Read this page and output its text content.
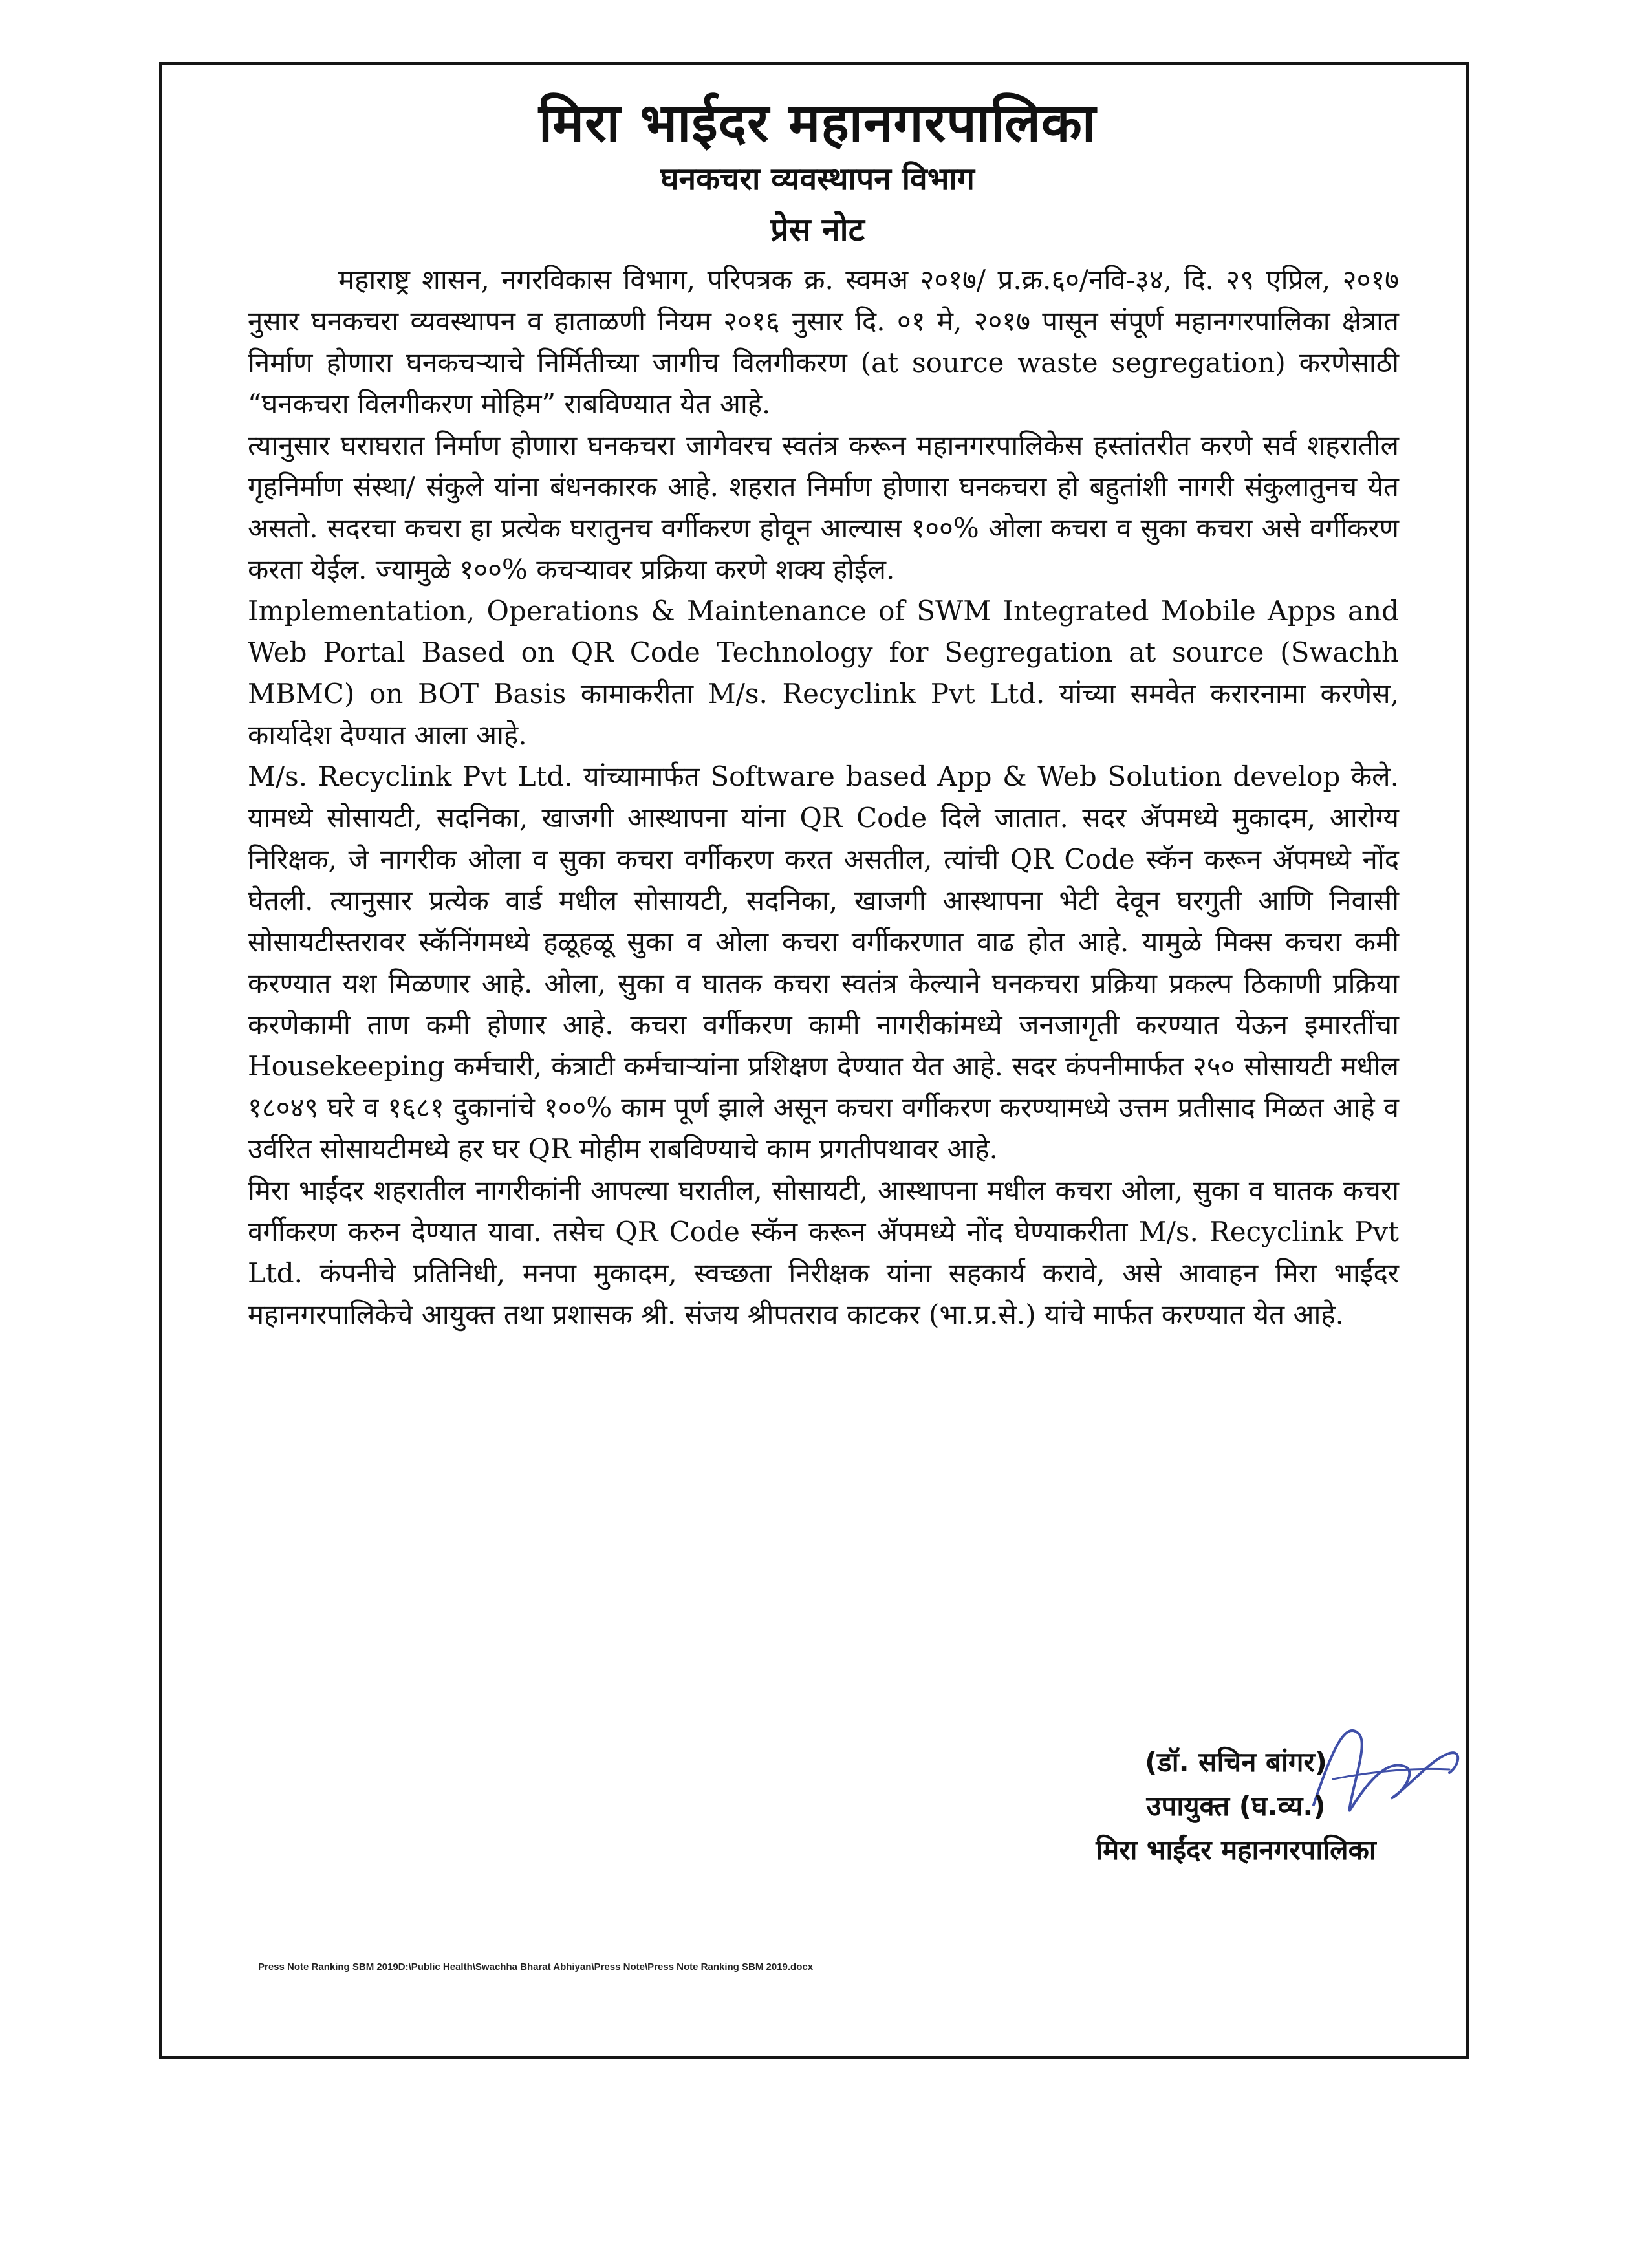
मिरा भाईदर महानगरपालिका
घनकचरा व्यवस्थापन विभाग
प्रेस नोट

महाराष्ट्र शासन, नगरविकास विभाग, परिपत्रक क्र. स्वमअ २०१७/ प्र.क्र.६०/नवि-३४, दि. २९ एप्रिल, २०१७ नुसार घनकचरा व्यवस्थापन व हाताळणी नियम २०१६ नुसार दि. ०१ मे, २०१७ पासून संपूर्ण महानगरपालिका क्षेत्रात निर्माण होणारा घनकचऱ्याचे निर्मितीच्या जागीच विलगीकरण (at source waste segregation) करणेसाठी “घनकचरा विलगीकरण मोहिम” राबविण्यात येत आहे.

त्यानुसार घराघरात निर्माण होणारा घनकचरा जागेवरच स्वतंत्र करून महानगरपालिकेस हस्तांतरीत करणे सर्व शहरातील गृहनिर्माण संस्था/ संकुले यांना बंधनकारक आहे. शहरात निर्माण होणारा घनकचरा हो बहुतांशी नागरी संकुलातुनच येत असतो. सदरचा कचरा हा प्रत्येक घरातुनच वर्गीकरण होवून आल्यास १००% ओला कचरा व सुका कचरा असे वर्गीकरण करता येईल. ज्यामुळे १००% कचऱ्यावर प्रक्रिया करणे शक्य होईल.

Implementation, Operations & Maintenance of SWM Integrated Mobile Apps and Web Portal Based on QR Code Technology for Segregation at source (Swachh MBMC) on BOT Basis कामाकरीता M/s. Recyclink Pvt Ltd. यांच्या समवेत करारनामा करणेस, कार्यादेश देण्यात आला आहे.

M/s. Recyclink Pvt Ltd. यांच्यामार्फत Software based App & Web Solution develop केले. यामध्ये सोसायटी, सदनिका, खाजगी आस्थापना यांना QR Code दिले जातात. सदर ॲपमध्ये मुकादम, आरोग्य निरिक्षक, जे नागरीक ओला व सुका कचरा वर्गीकरण करत असतील, त्यांची QR Code स्कॅन करून ॲपमध्ये नोंद घेतली. त्यानुसार प्रत्येक वार्ड मधील सोसायटी, सदनिका, खाजगी आस्थापना भेटी देवून घरगुती आणि निवासी सोसायटीस्तरावर स्कॅनिंगमध्ये हळूहळू सुका व ओला कचरा वर्गीकरणात वाढ होत आहे. यामुळे मिक्स कचरा कमी करण्यात यश मिळणार आहे. ओला, सुका व घातक कचरा स्वतंत्र केल्याने घनकचरा प्रक्रिया प्रकल्प ठिकाणी प्रक्रिया करणेकामी ताण कमी होणार आहे. कचरा वर्गीकरण कामी नागरीकांमध्ये जनजागृती करण्यात येऊन इमारतींचा Housekeeping कर्मचारी, कंत्राटी कर्मचाऱ्यांना प्रशिक्षण देण्यात येत आहे. सदर कंपनीमार्फत २५० सोसायटी मधील १८०४९ घरे व १६८१ दुकानांचे १००% काम पूर्ण झाले असून कचरा वर्गीकरण करण्यामध्ये उत्तम प्रतीसाद मिळत आहे व उर्वरित सोसायटीमध्ये हर घर QR मोहीम राबविण्याचे काम प्रगतीपथावर आहे.

मिरा भाईंदर शहरातील नागरीकांनी आपल्या घरातील, सोसायटी, आस्थापना मधील कचरा ओला, सुका व घातक कचरा वर्गीकरण करुन देण्यात यावा. तसेच QR Code स्कॅन करून ॲपमध्ये नोंद घेण्याकरीता M/s. Recyclink Pvt Ltd. कंपनीचे प्रतिनिधी, मनपा मुकादम, स्वच्छता निरीक्षक यांना सहकार्य करावे, असे आवाहन मिरा भाईंदर महानगरपालिकेचे आयुक्त तथा प्रशासक श्री. संजय श्रीपतराव काटकर (भा.प्र.से.) यांचे मार्फत करण्यात येत आहे.

(डॉ. सचिन बांगर)
उपायुक्त (घ.व्य.)
मिरा भाईंदर महानगरपालिका
Press Note Ranking SBM 2019D:\Public Health\Swachha Bharat Abhiyan\Press Note\Press Note Ranking SBM 2019.docx
